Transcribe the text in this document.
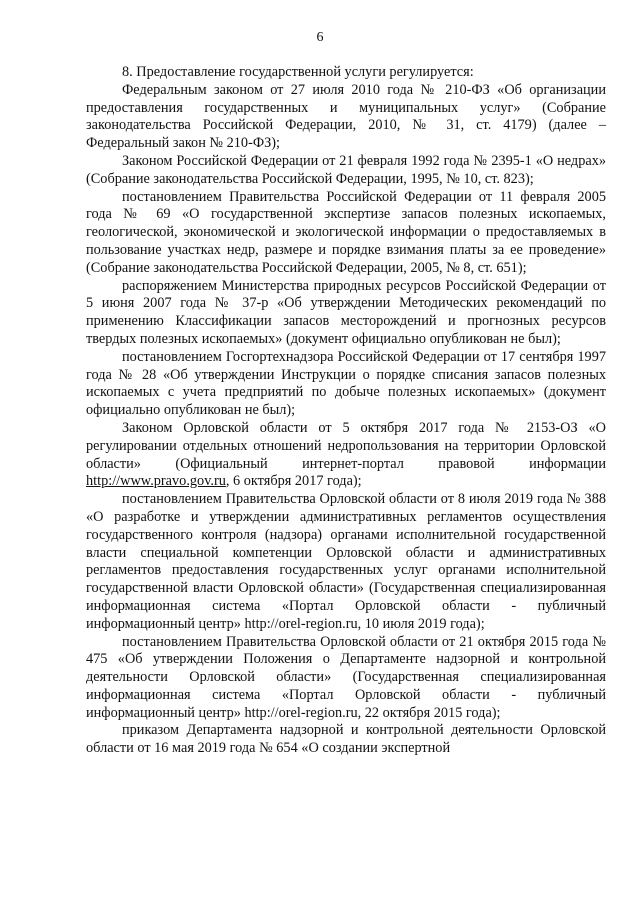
6

8. Предоставление государственной услуги регулируется:

Федеральным законом от 27 июля 2010 года № 210-ФЗ «Об организации предоставления государственных и муниципальных услуг» (Собрание законодательства Российской Федерации, 2010, № 31, ст. 4179) (далее – Федеральный закон № 210-ФЗ);

Законом Российской Федерации от 21 февраля 1992 года № 2395-1 «О недрах» (Собрание законодательства Российской Федерации, 1995, № 10, ст. 823);

постановлением Правительства Российской Федерации от 11 февраля 2005 года № 69 «О государственной экспертизе запасов полезных ископаемых, геологической, экономической и экологической информации о предоставляемых в пользование участках недр, размере и порядке взимания платы за ее проведение» (Собрание законодательства Российской Федерации, 2005, № 8, ст. 651);

распоряжением Министерства природных ресурсов Российской Федерации от 5 июня 2007 года № 37-р «Об утверждении Методических рекомендаций по применению Классификации запасов месторождений и прогнозных ресурсов твердых полезных ископаемых» (документ официально опубликован не был);

постановлением Госгортехнадзора Российской Федерации от 17 сентября 1997 года № 28 «Об утверждении Инструкции о порядке списания запасов полезных ископаемых с учета предприятий по добыче полезных ископаемых» (документ официально опубликован не был);

Законом Орловской области от 5 октября 2017 года № 2153-ОЗ «О регулировании отдельных отношений недропользования на территории Орловской области» (Официальный интернет-портал правовой информации http://www.pravo.gov.ru, 6 октября 2017 года);

постановлением Правительства Орловской области от 8 июля 2019 года № 388 «О разработке и утверждении административных регламентов осуществления государственного контроля (надзора) органами исполнительной государственной власти специальной компетенции Орловской области и административных регламентов предоставления государственных услуг органами исполнительной государственной власти Орловской области» (Государственная специализированная информационная система «Портал Орловской области - публичный информационный центр» http://orel-region.ru, 10 июля 2019 года);

постановлением Правительства Орловской области от 21 октября 2015 года № 475 «Об утверждении Положения о Департаменте надзорной и контрольной деятельности Орловской области» (Государственная специализированная информационная система «Портал Орловской области - публичный информационный центр» http://orel-region.ru, 22 октября 2015 года);

приказом Департамента надзорной и контрольной деятельности Орловской области от 16 мая 2019 года № 654 «О создании экспертной
